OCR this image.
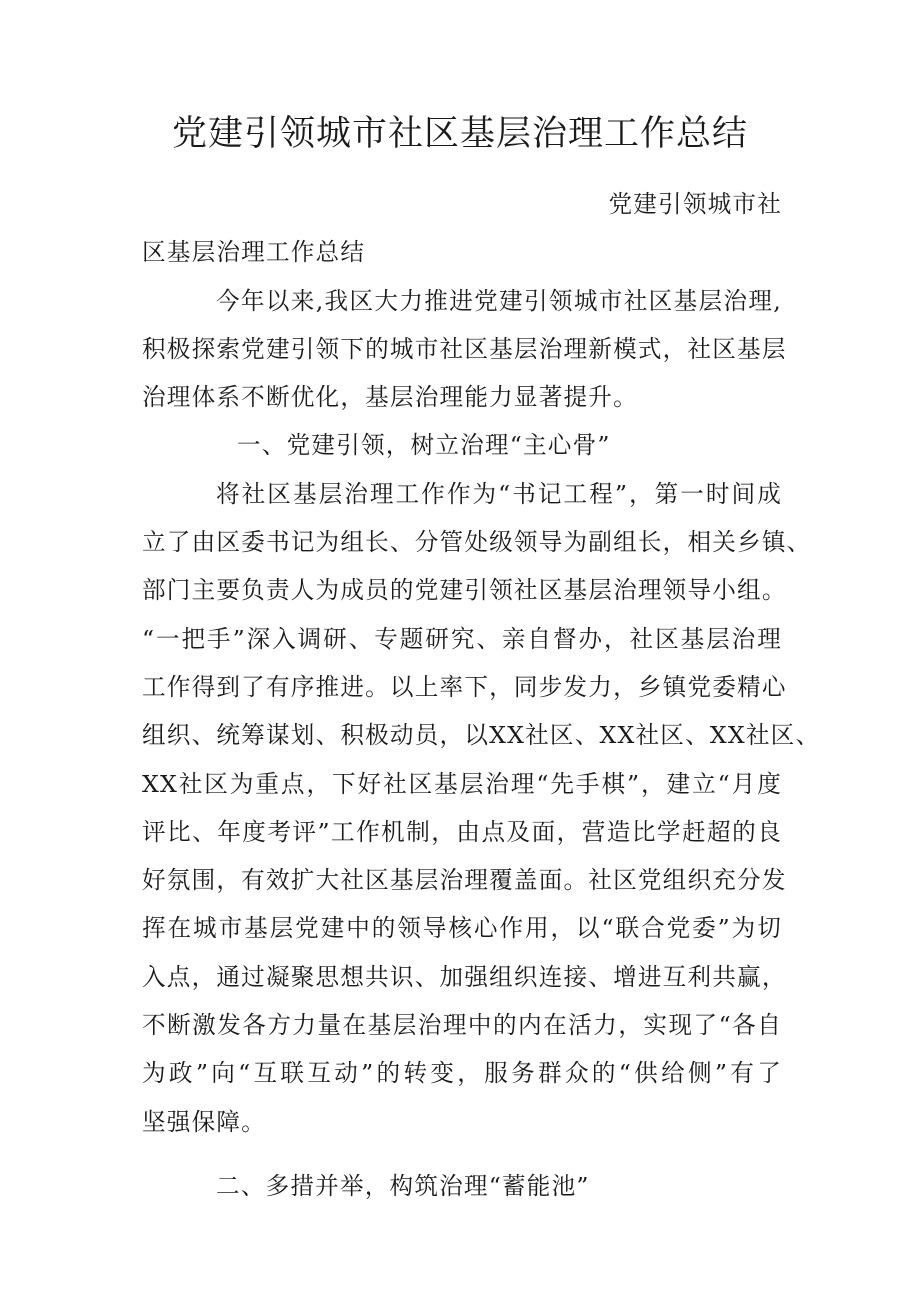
党建引领城市社区基层治理工作总结
党建引领城市社
区基层治理工作总结
今年以来,我区大力推进党建引领城市社区基层治理,
积极探索党建引领下的城市社区基层治理新模式，社区基层
治理体系不断优化，基层治理能力显著提升。
一、党建引领，树立治理“主心骨”
将社区基层治理工作作为“书记工程”，第一时间成
立了由区委书记为组长、分管处级领导为副组长，相关乡镇、
部门主要负责人为成员的党建引领社区基层治理领导小组。
“一把手”深入调研、专题研究、亲自督办，社区基层治理
工作得到了有序推进。以上率下，同步发力，乡镇党委精心
组织、统筹谋划、积极动员，以XX社区、XX社区、XX社区、
XX社区为重点，下好社区基层治理“先手棋”，建立“月度
评比、年度考评”工作机制，由点及面，营造比学赶超的良
好氛围，有效扩大社区基层治理覆盖面。社区党组织充分发
挥在城市基层党建中的领导核心作用，以“联合党委”为切
入点，通过凝聚思想共识、加强组织连接、增进互利共赢，
不断激发各方力量在基层治理中的内在活力，实现了“各自
为政”向“互联互动”的转变，服务群众的“供给侧”有了
坚强保障。
二、多措并举，构筑治理“蓄能池”
